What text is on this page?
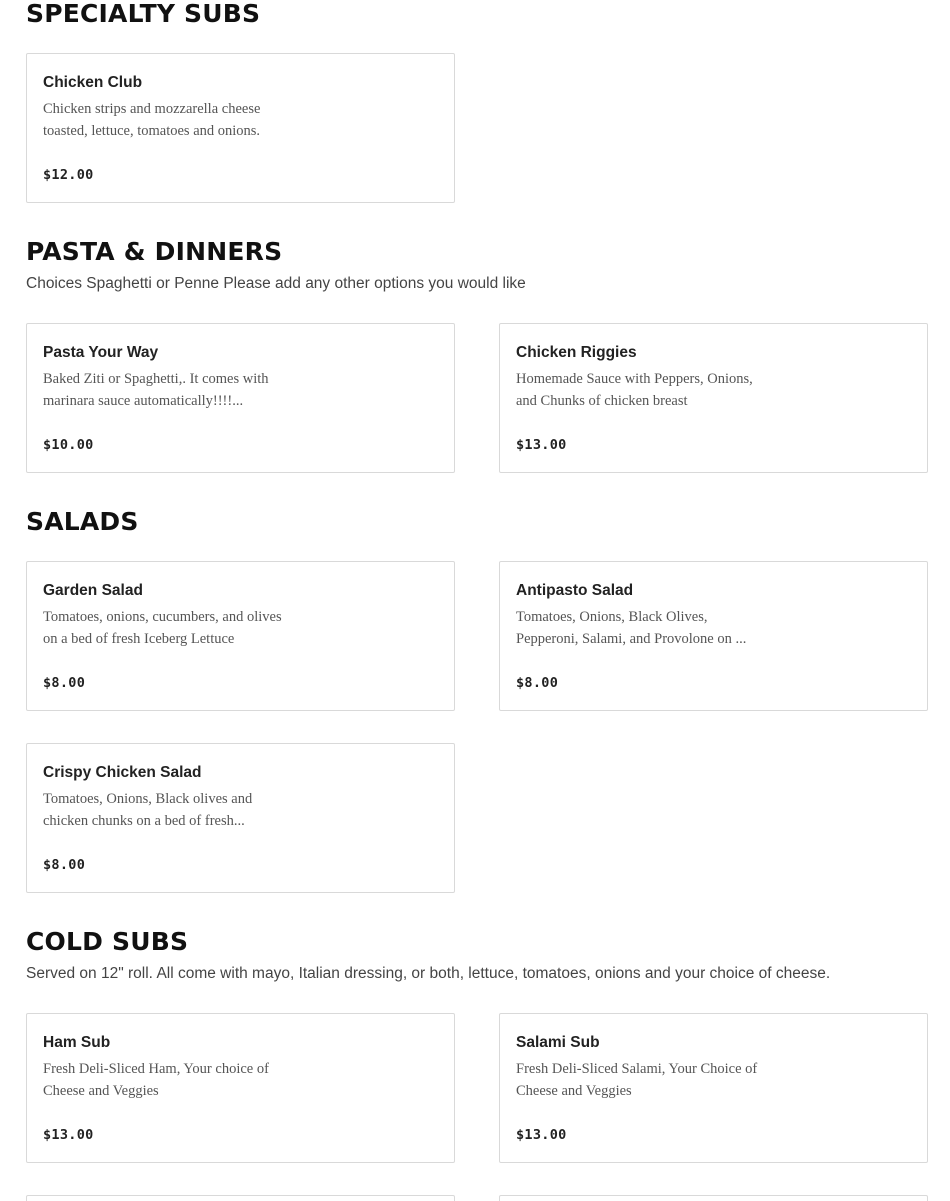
SPECIALTY SUBS
Chicken Club
Chicken strips and mozzarella cheese toasted, lettuce, tomatoes and onions.
$12.00
PASTA & DINNERS

Choices Spaghetti or Penne Please add any other options you would like

Pasta Your Way
Baked Ziti or Spaghetti,. It comes with marinara sauce automatically!!!!...
$10.00
Chicken Riggies
Homemade Sauce with Peppers, Onions, and Chunks of chicken breast
$13.00
SALADS
Garden Salad
Tomatoes, onions, cucumbers, and olives on a bed of fresh Iceberg Lettuce
$8.00
Antipasto Salad
Tomatoes, Onions, Black Olives, Pepperoni, Salami, and Provolone on ...
$8.00
Crispy Chicken Salad
Tomatoes, Onions, Black olives and chicken chunks on a bed of fresh...
$8.00
COLD SUBS

Served on 12" roll. All come with mayo, Italian dressing, or both, lettuce, tomatoes, onions and your choice of cheese.

Ham Sub
Fresh Deli-Sliced Ham, Your choice of Cheese and Veggies
$13.00
Salami Sub
Fresh Deli-Sliced Salami, Your Choice of Cheese and Veggies
$13.00
